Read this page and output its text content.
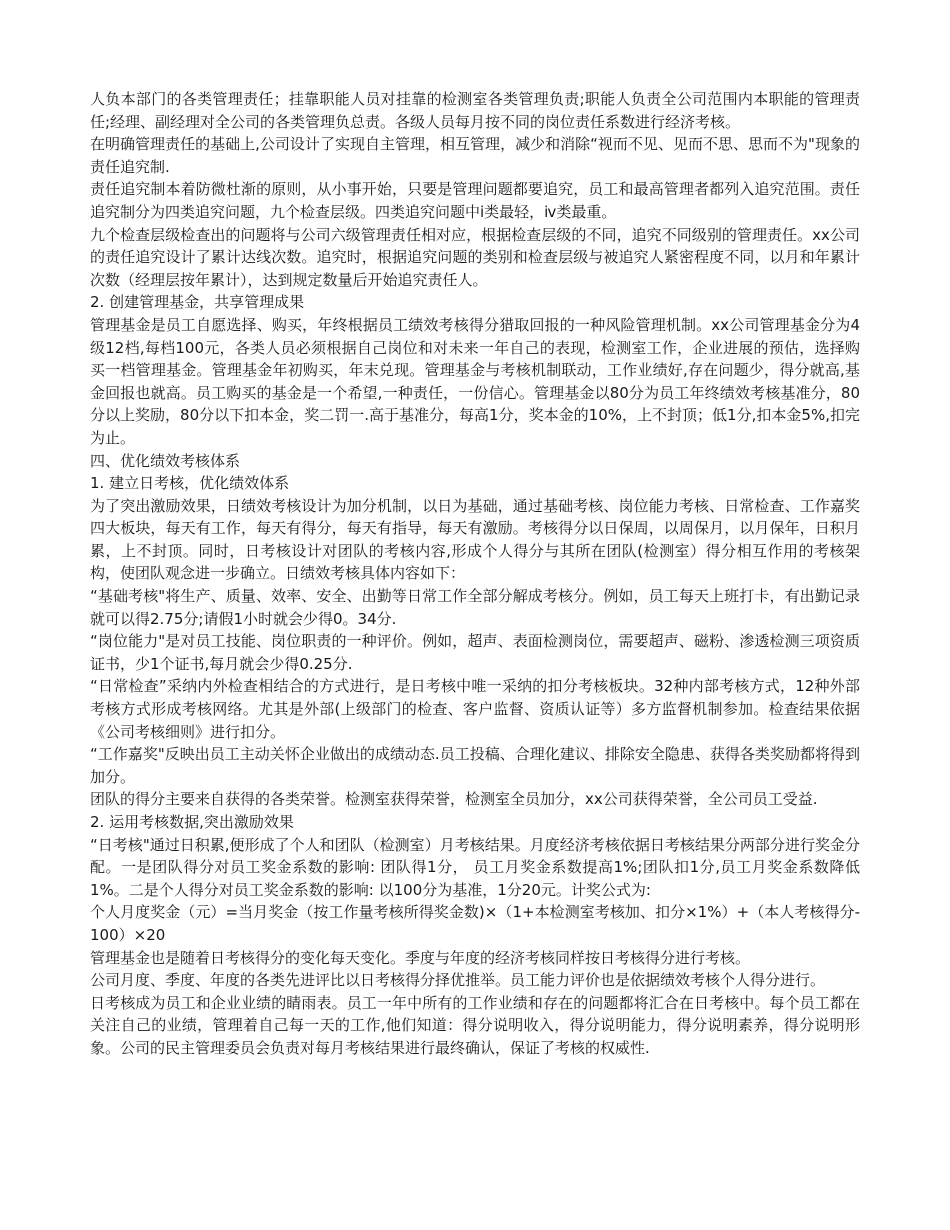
人负本部门的各类管理责任；挂靠职能人员对挂靠的检测室各类管理负责;职能人负责全公司范围内本职能的管理责任;经理、副经理对全公司的各类管理负总责。各级人员每月按不同的岗位责任系数进行经济考核。

在明确管理责任的基础上,公司设计了实现自主管理，相互管理，减少和消除“视而不见、见而不思、思而不为"现象的责任追究制.

责任追究制本着防微杜渐的原则，从小事开始，只要是管理问题都要追究，员工和最高管理者都列入追究范围。责任追究制分为四类追究问题，九个检查层级。四类追究问题中ⅰ类最轻，ⅳ类最重。

九个检查层级检查出的问题将与公司六级管理责任相对应，根据检查层级的不同，追究不同级别的管理责任。xx公司的责任追究设计了累计达线次数。追究时，根据追究问题的类别和检查层级与被追究人紧密程度不同，以月和年累计次数（经理层按年累计），达到规定数量后开始追究责任人。

2. 创建管理基金，共享管理成果

管理基金是员工自愿选择、购买，年终根据员工绩效考核得分猎取回报的一种风险管理机制。xx公司管理基金分为4级12档,每档100元，各类人员必须根据自己岗位和对未来一年自己的表现，检测室工作，企业进展的预估，选择购买一档管理基金。管理基金年初购买，年末兑现。管理基金与考核机制联动，工作业绩好,存在问题少，得分就高,基金回报也就高。员工购买的基金是一个希望,一种责任，一份信心。管理基金以80分为员工年终绩效考核基准分，80分以上奖励，80分以下扣本金，奖二罚一.高于基准分，每高1分，奖本金的10%，上不封顶；低1分,扣本金5%,扣完为止。

四、优化绩效考核体系

1. 建立日考核，优化绩效体系

为了突出激励效果，日绩效考核设计为加分机制，以日为基础，通过基础考核、岗位能力考核、日常检查、工作嘉奖四大板块，每天有工作，每天有得分，每天有指导，每天有激励。考核得分以日保周，以周保月，以月保年，日积月累，上不封顶。同时，日考核设计对团队的考核内容,形成个人得分与其所在团队(检测室）得分相互作用的考核架构，使团队观念进一步确立。日绩效考核具体内容如下：

“基础考核"将生产、质量、效率、安全、出勤等日常工作全部分解成考核分。例如，员工每天上班打卡，有出勤记录就可以得2.75分;请假1小时就会少得0。34分.

“岗位能力"是对员工技能、岗位职责的一种评价。例如，超声、表面检测岗位，需要超声、磁粉、渗透检测三项资质证书，少1个证书,每月就会少得0.25分.

“日常检查”采纳内外检查相结合的方式进行，是日考核中唯一采纳的扣分考核板块。32种内部考核方式，12种外部考核方式形成考核网络。尤其是外部(上级部门的检查、客户监督、资质认证等）多方监督机制参加。检查结果依据《公司考核细则》进行扣分。

“工作嘉奖"反映出员工主动关怀企业做出的成绩动态.员工投稿、合理化建议、排除安全隐患、获得各类奖励都将得到加分。

团队的得分主要来自获得的各类荣誉。检测室获得荣誉，检测室全员加分，xx公司获得荣誉，全公司员工受益.

2. 运用考核数据,突出激励效果

“日考核"通过日积累,便形成了个人和团队（检测室）月考核结果。月度经济考核依据日考核结果分两部分进行奖金分配。一是团队得分对员工奖金系数的影响: 团队得1分， 员工月奖金系数提高1%;团队扣1分,员工月奖金系数降低1%。二是个人得分对员工奖金系数的影响: 以100分为基准，1分20元。计奖公式为:

个人月度奖金（元）=当月奖金（按工作量考核所得奖金数)×（1+本检测室考核加、扣分×1%）+（本人考核得分-100）×20

管理基金也是随着日考核得分的变化每天变化。季度与年度的经济考核同样按日考核得分进行考核。

公司月度、季度、年度的各类先进评比以日考核得分择优推举。员工能力评价也是依据绩效考核个人得分进行。

日考核成为员工和企业业绩的睛雨表。员工一年中所有的工作业绩和存在的问题都将汇合在日考核中。每个员工都在关注自己的业绩，管理着自己每一天的工作,他们知道：得分说明收入，得分说明能力，得分说明素养，得分说明形象。公司的民主管理委员会负责对每月考核结果进行最终确认，保证了考核的权威性.
